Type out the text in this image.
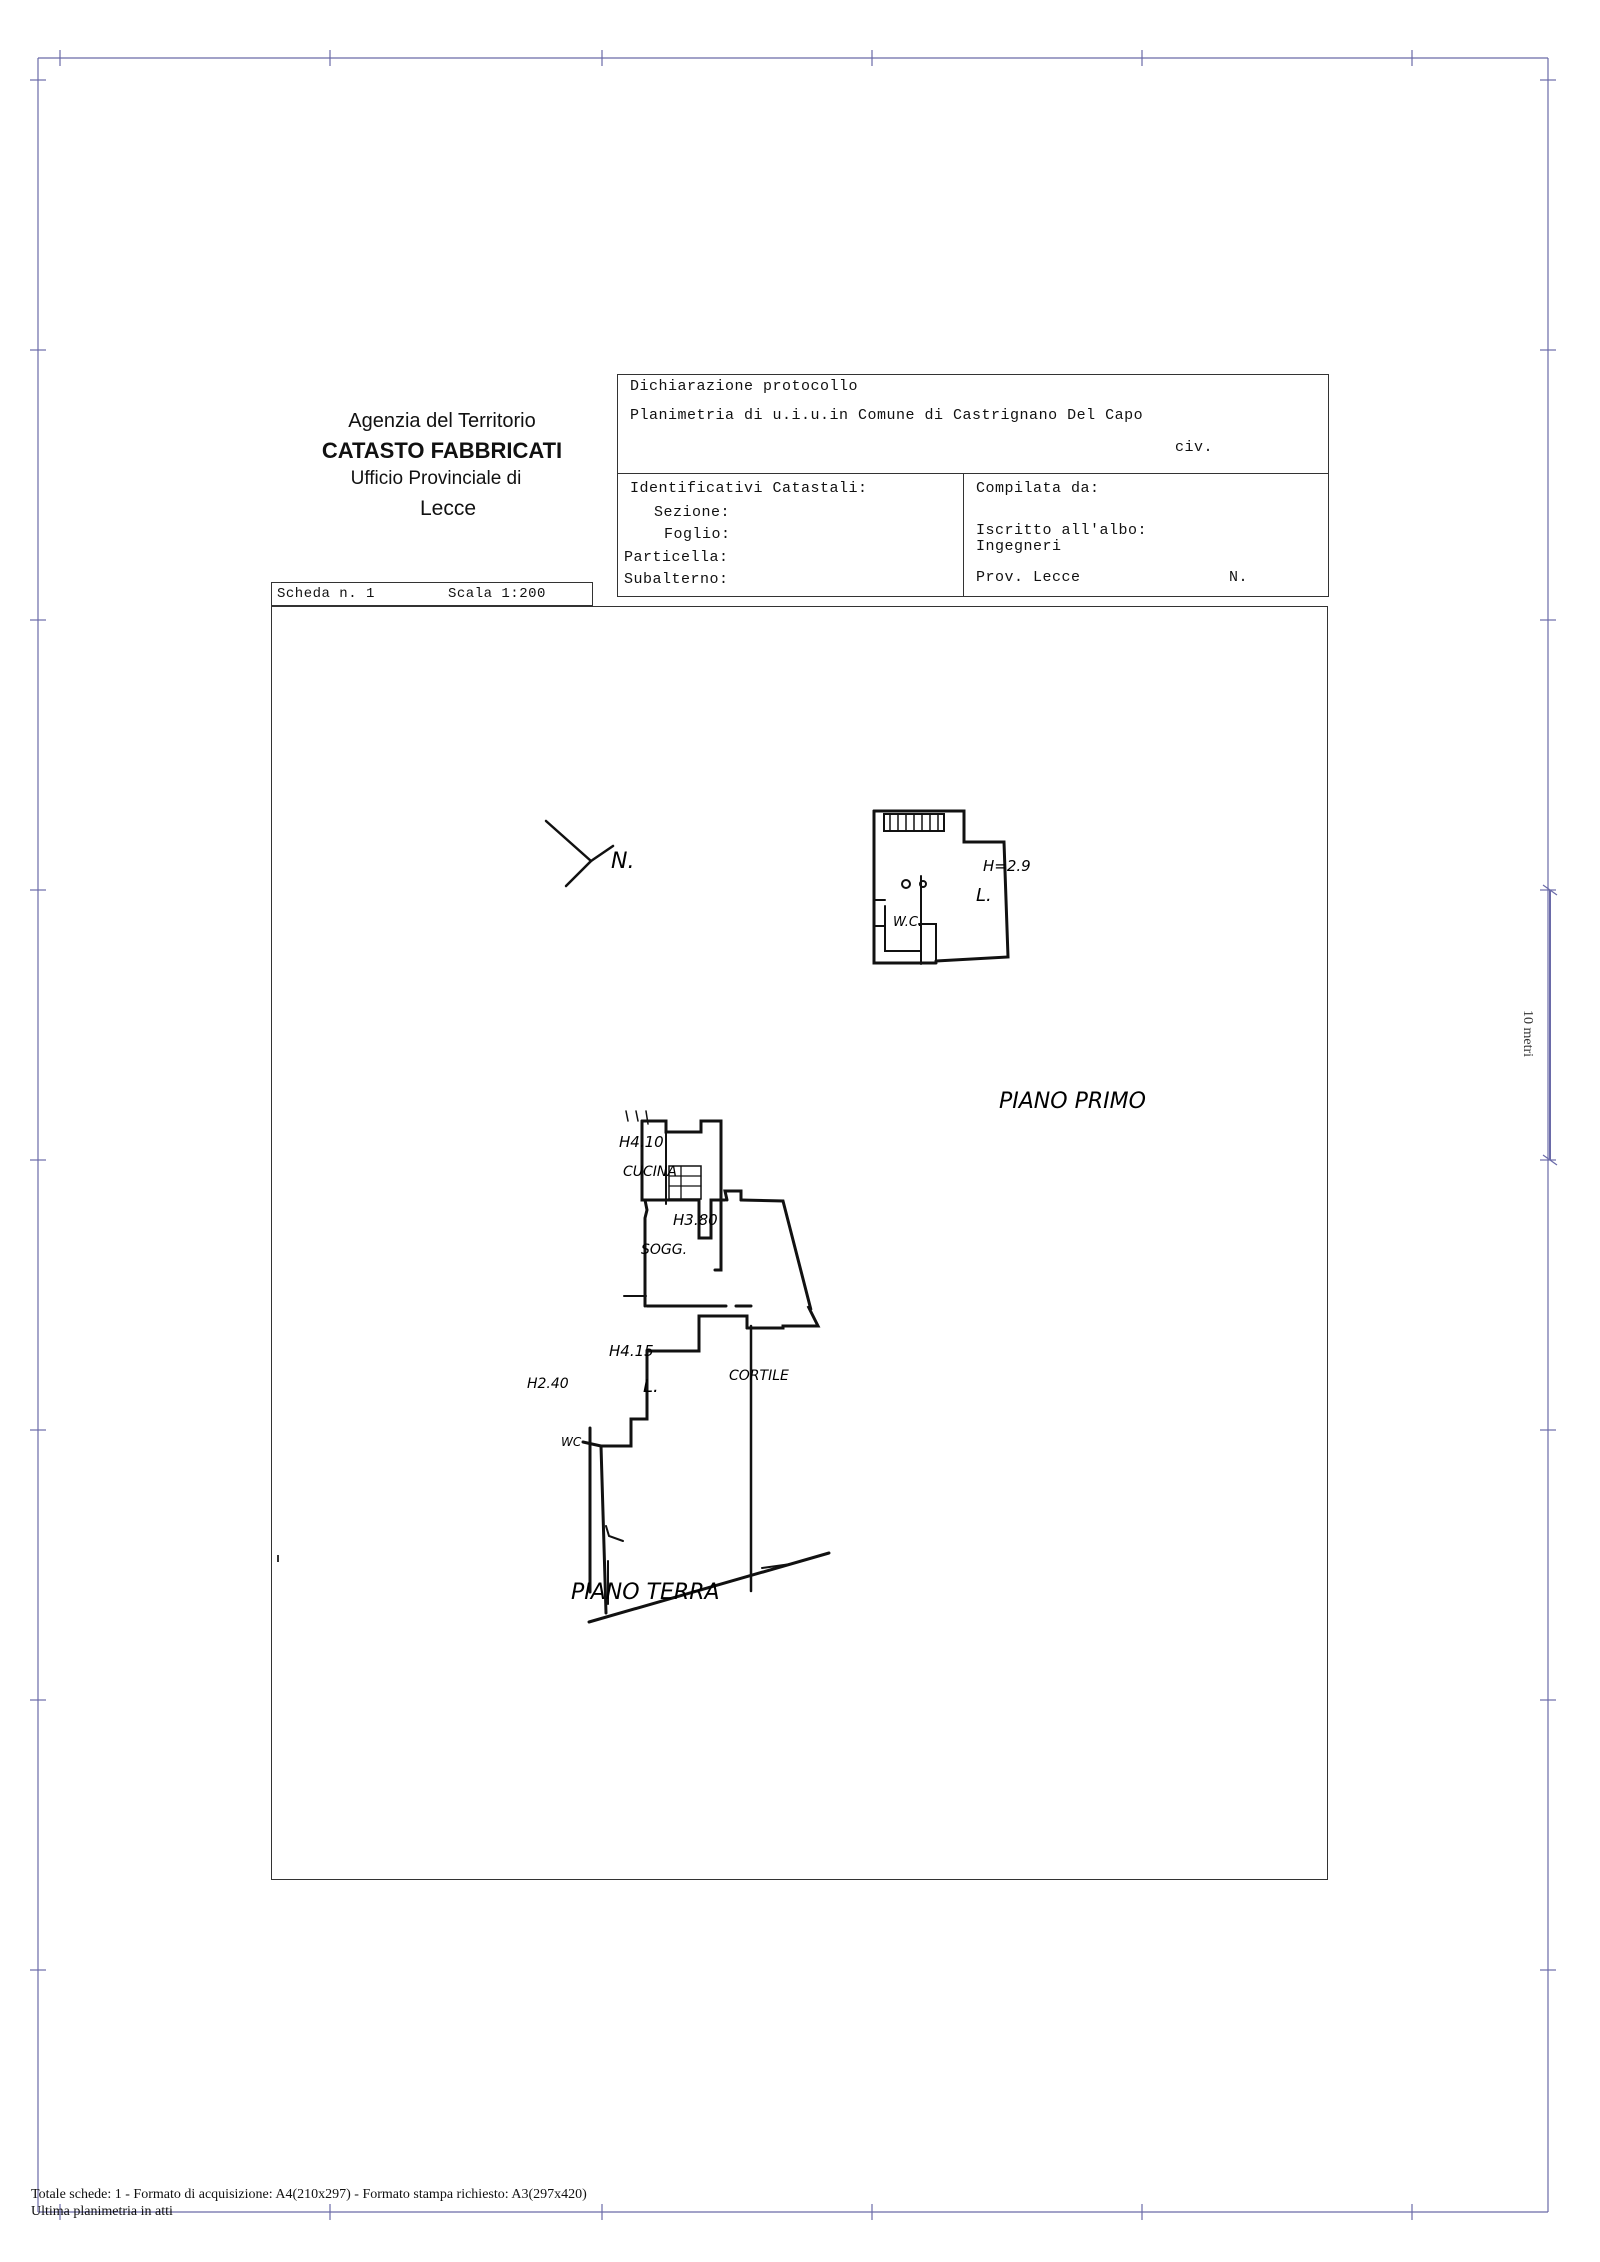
10 metri
Agenzia del Territorio
CATASTO FABBRICATI
Ufficio Provinciale di
Lecce
Dichiarazione protocollo
Planimetria di u.i.u.in Comune di Castrignano Del Capo
civ.
Identificativi Catastali:
Sezione:
Foglio:
Particella:
Subalterno:
Compilata da:
Iscritto all'albo:
Ingegneri
Prov. Lecce	N.
Scheda n. 1	Scala 1:200
N.	H=2.9
L.
W.C.
PIANO PRIMO
H4.10
CUCINA
H3.80
SOGG.
H4.15
L.	CORTILE
H2.40
WC
PIANO TERRA
Totale schede: 1 - Formato di acquisizione: A4(210x297) - Formato stampa richiesto: A3(297x420)
Ultima planimetria in atti
